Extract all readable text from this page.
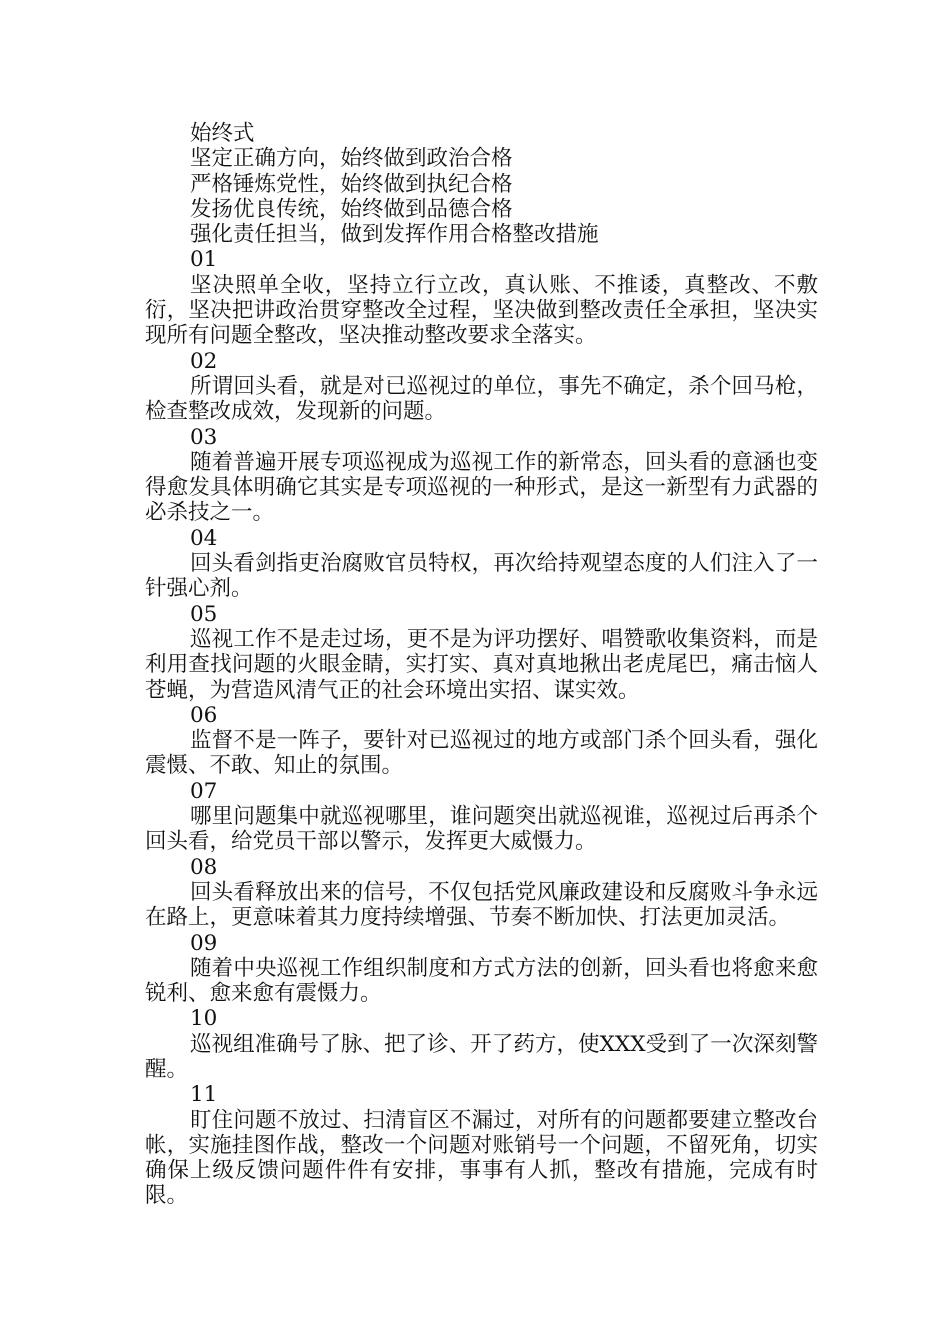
始终式

坚定正确方向，始终做到政治合格

严格锤炼党性，始终做到执纪合格

发扬优良传统，始终做到品德合格

强化责任担当，做到发挥作用合格整改措施

01

坚决照单全收，坚持立行立改，真认账、不推诿，真整改、不敷衍，坚决把讲政治贯穿整改全过程，坚决做到整改责任全承担，坚决实现所有问题全整改，坚决推动整改要求全落实。

02

所谓回头看，就是对已巡视过的单位，事先不确定，杀个回马枪，检查整改成效，发现新的问题。

03

随着普遍开展专项巡视成为巡视工作的新常态，回头看的意涵也变得愈发具体明确它其实是专项巡视的一种形式，是这一新型有力武器的必杀技之一。

04

回头看剑指吏治腐败官员特权，再次给持观望态度的人们注入了一针强心剂。

05

巡视工作不是走过场，更不是为评功摆好、唱赞歌收集资料，而是利用查找问题的火眼金睛，实打实、真对真地揪出老虎尾巴，痛击恼人苍蝇，为营造风清气正的社会环境出实招、谋实效。

06

监督不是一阵子，要针对已巡视过的地方或部门杀个回头看，强化震慑、不敢、知止的氛围。

07

哪里问题集中就巡视哪里，谁问题突出就巡视谁，巡视过后再杀个回头看，给党员干部以警示，发挥更大威慑力。

08

回头看释放出来的信号，不仅包括党风廉政建设和反腐败斗争永远在路上，更意味着其力度持续增强、节奏不断加快、打法更加灵活。

09

随着中央巡视工作组织制度和方式方法的创新，回头看也将愈来愈锐利、愈来愈有震慑力。

10

巡视组准确号了脉、把了诊、开了药方，使XXX受到了一次深刻警醒。

11

盯住问题不放过、扫清盲区不漏过，对所有的问题都要建立整改台帐，实施挂图作战，整改一个问题对账销号一个问题，不留死角，切实确保上级反馈问题件件有安排，事事有人抓，整改有措施，完成有时限。
